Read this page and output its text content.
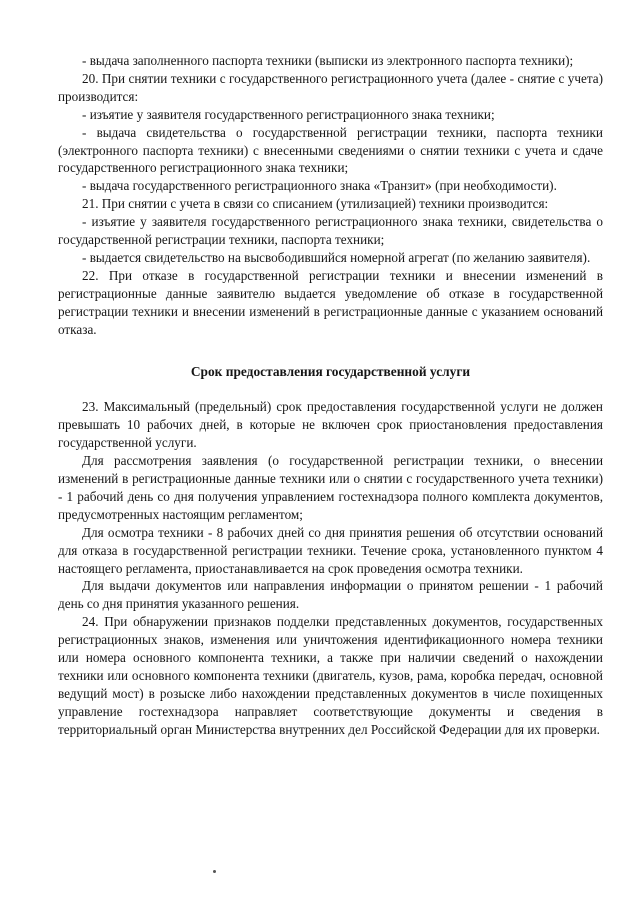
- выдача заполненного паспорта техники (выписки из электронного паспорта техники);

20. При снятии техники с государственного регистрационного учета (далее - снятие с учета) производится:

- изъятие у заявителя государственного регистрационного знака техники;

- выдача свидетельства о государственной регистрации техники, паспорта техники (электронного паспорта техники) с внесенными сведениями о снятии техники с учета и сдаче государственного регистрационного знака техники;

- выдача государственного регистрационного знака «Транзит» (при необходимости).

21. При снятии с учета в связи со списанием (утилизацией) техники производится:

- изъятие у заявителя государственного регистрационного знака техники, свидетельства о государственной регистрации техники, паспорта техники;

- выдается свидетельство на высвободившийся номерной агрегат (по желанию заявителя).

22. При отказе в государственной регистрации техники и внесении изменений в регистрационные данные заявителю выдается уведомление об отказе в государственной регистрации техники и внесении изменений в регистрационные данные с указанием оснований отказа.

Срок предоставления государственной услуги

23. Максимальный (предельный) срок предоставления государственной услуги не должен превышать 10 рабочих дней, в которые не включен срок приостановления предоставления государственной услуги.

Для рассмотрения заявления (о государственной регистрации техники, о внесении изменений в регистрационные данные техники или о снятии с государственного учета техники) - 1 рабочий день со дня получения управлением гостехнадзора полного комплекта документов, предусмотренных настоящим регламентом;

Для осмотра техники - 8 рабочих дней со дня принятия решения об отсутствии оснований для отказа в государственной регистрации техники. Течение срока, установленного пунктом 4 настоящего регламента, приостанавливается на срок проведения осмотра техники.

Для выдачи документов или направления информации о принятом решении - 1 рабочий день со дня принятия указанного решения.

24. При обнаружении признаков подделки представленных документов, государственных регистрационных знаков, изменения или уничтожения идентификационного номера техники или номера основного компонента техники, а также при наличии сведений о нахождении техники или основного компонента техники (двигатель, кузов, рама, коробка передач, основной ведущий мост) в розыске либо нахождении представленных документов в числе похищенных управление гостехнадзора направляет соответствующие документы и сведения в территориальный орган Министерства внутренних дел Российской Федерации для их проверки.
